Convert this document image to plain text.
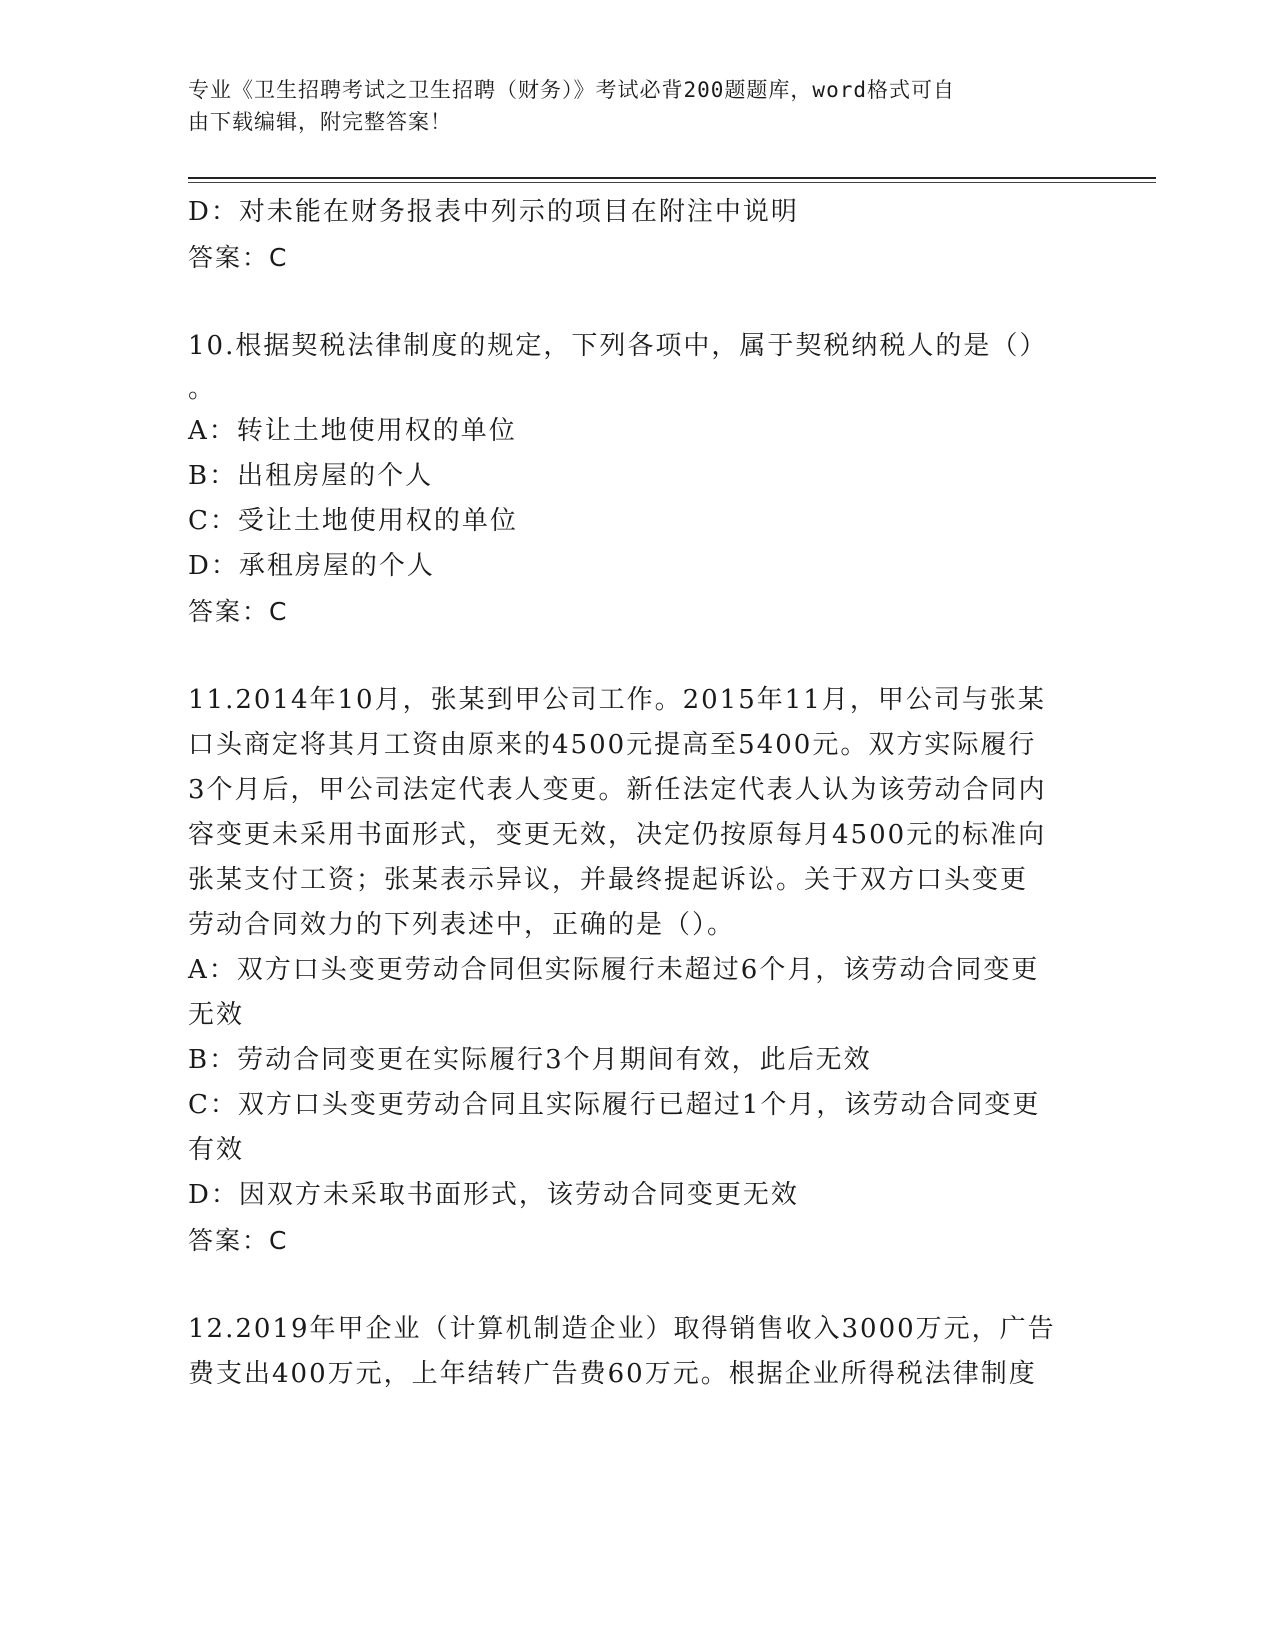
专业《卫生招聘考试之卫生招聘（财务）》考试必背200题题库，word格式可自
由下载编辑，附完整答案！
D：对未能在财务报表中列示的项目在附注中说明
答案：C
10.根据契税法律制度的规定，下列各项中，属于契税纳税人的是（）
。
A：转让土地使用权的单位
B：出租房屋的个人
C：受让土地使用权的单位
D：承租房屋的个人
答案：C
11.2014年10月，张某到甲公司工作。2015年11月，甲公司与张某
口头商定将其月工资由原来的4500元提高至5400元。双方实际履行
3个月后，甲公司法定代表人变更。新任法定代表人认为该劳动合同内
容变更未采用书面形式，变更无效，决定仍按原每月4500元的标准向
张某支付工资；张某表示异议，并最终提起诉讼。关于双方口头变更
劳动合同效力的下列表述中，正确的是（）。
A：双方口头变更劳动合同但实际履行未超过6个月，该劳动合同变更
无效
B：劳动合同变更在实际履行3个月期间有效，此后无效
C：双方口头变更劳动合同且实际履行已超过1个月，该劳动合同变更
有效
D：因双方未采取书面形式，该劳动合同变更无效
答案：C
12.2019年甲企业（计算机制造企业）取得销售收入3000万元，广告
费支出400万元，上年结转广告费60万元。根据企业所得税法律制度
